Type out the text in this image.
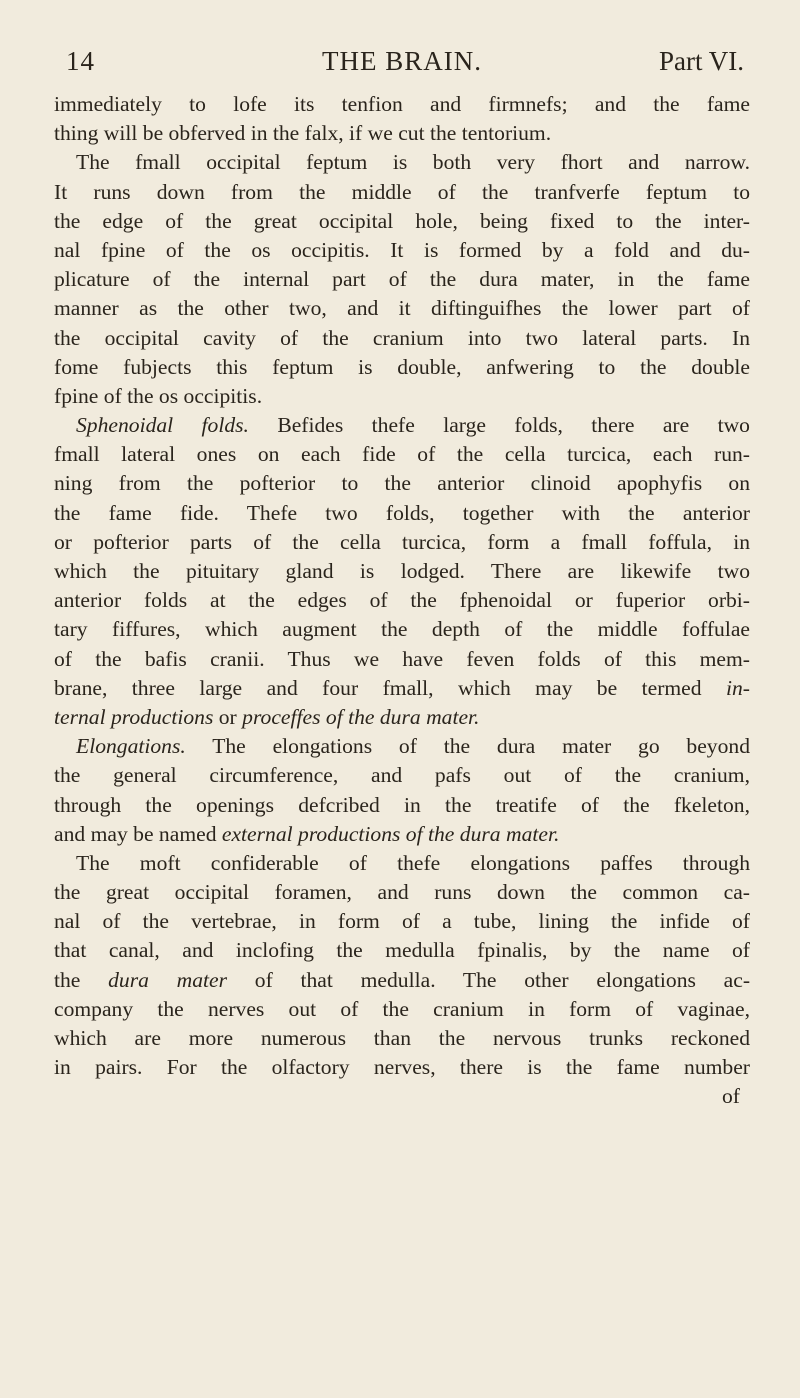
14	THE BRAIN.	Part VI.
immediately to lofe its tenfion and firmnefs; and the fame
thing will be obferved in the falx, if we cut the tentorium.
The fmall occipital feptum is both very fhort and narrow.
It runs down from the middle of the tranfverfe feptum to
the edge of the great occipital hole, being fixed to the inter-
nal fpine of the os occipitis. It is formed by a fold and du-
plicature of the internal part of the dura mater, in the fame
manner as the other two, and it diftinguifhes the lower part of
the occipital cavity of the cranium into two lateral parts. In
fome fubjects this feptum is double, anfwering to the double
fpine of the os occipitis.
Sphenoidal folds. Befides thefe large folds, there are two
fmall lateral ones on each fide of the cella turcica, each run-
ning from the pofterior to the anterior clinoid apophyfis on
the fame fide. Thefe two folds, together with the anterior
or pofterior parts of the cella turcica, form a fmall foffula, in
which the pituitary gland is lodged. There are likewife two
anterior folds at the edges of the fphenoidal or fuperior orbi-
tary fiffures, which augment the depth of the middle foffulae
of the bafis cranii. Thus we have feven folds of this mem-
brane, three large and four fmall, which may be termed in-
ternal productions or proceffes of the dura mater.
Elongations. The elongations of the dura mater go beyond
the general circumference, and pafs out of the cranium,
through the openings defcribed in the treatife of the fkeleton,
and may be named external productions of the dura mater.
The moft confiderable of thefe elongations paffes through
the great occipital foramen, and runs down the common ca-
nal of the vertebrae, in form of a tube, lining the infide of
that canal, and inclofing the medulla fpinalis, by the name of
the dura mater of that medulla. The other elongations ac-
company the nerves out of the cranium in form of vaginae,
which are more numerous than the nervous trunks reckoned
in pairs. For the olfactory nerves, there is the fame number
of
